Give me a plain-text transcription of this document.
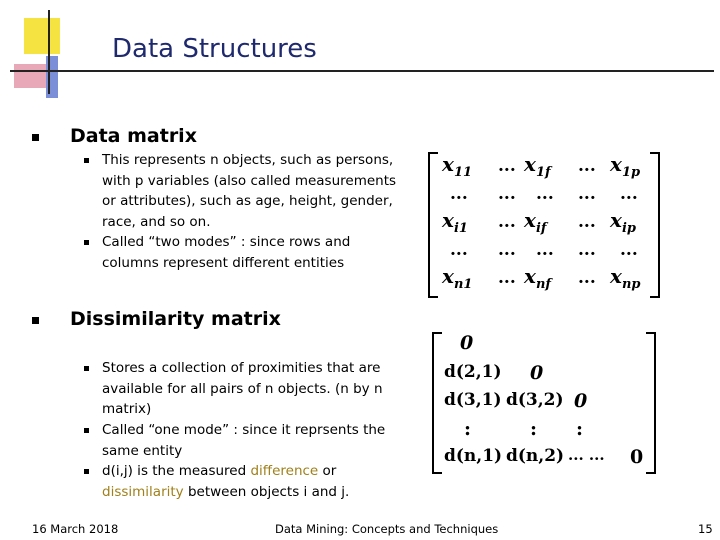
Data Structures
Data matrix
This represents n objects, such as persons,
with p variables (also called measurements
or attributes), such as age, height, gender,
race, and so on.
Called “two modes” : since rows and
columns represent different entities
$x_{11}$ ... $x_{1f}$ ... $x_{1p}$
... ... ... ... ...
$x_{i1}$ ... $x_{if}$ ... $x_{ip}$
... ... ... ... ...
$x_{n1}$ ... $x_{nf}$ ... $x_{np}$
Dissimilarity matrix
Stores a collection of proximities that are
available for all pairs of n objects. (n by n
matrix)
Called “one mode” : since it reprsents the
same entity
d(i,j) is the measured difference or
dissimilarity between objects i and j.
0
d(2,1) 0
d(3,1) d(3,2) 0
:	: :
d(n,1) d(n,2) ... ... 0
16 March 2018	Data Mining: Concepts and Techniques	15
